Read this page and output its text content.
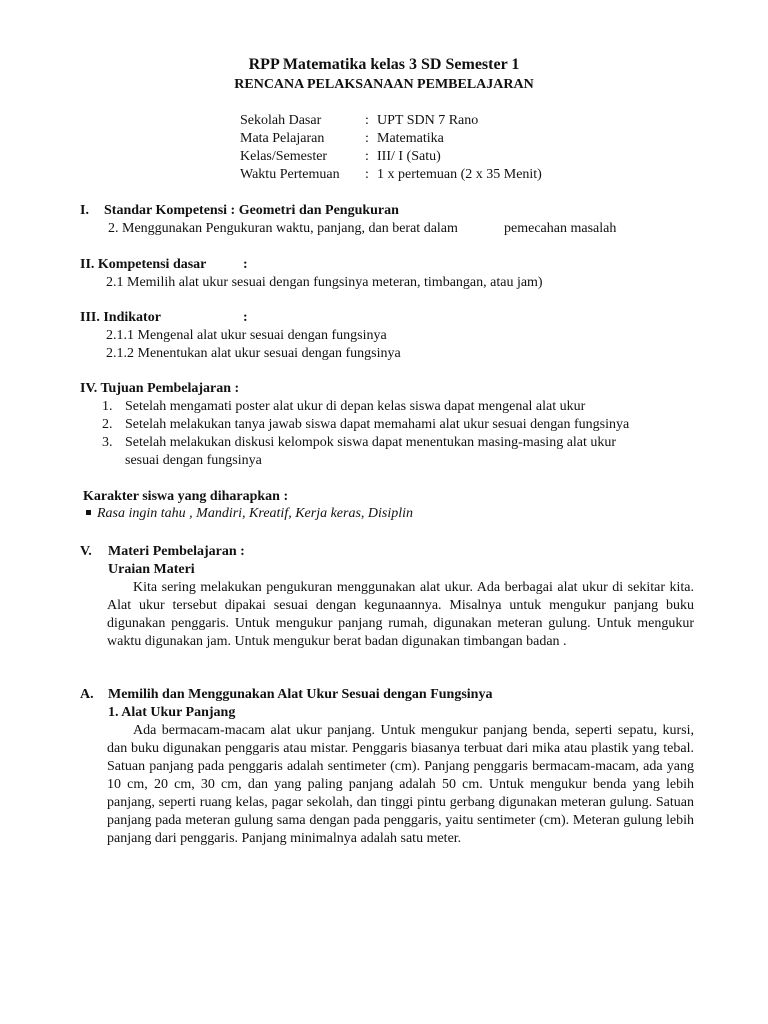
RPP Matematika kelas 3 SD Semester 1
RENCANA PELAKSANAAN PEMBELAJARAN
Sekolah Dasar	: UPT SDN 7 Rano
Mata Pelajaran	: Matematika
Kelas/Semester	: III/ I (Satu)
Waktu Pertemuan	: 1 x pertemuan (2 x 35 Menit)
I. Standar Kompetensi : Geometri dan Pengukuran
2. Menggunakan Pengukuran waktu, panjang, dan berat dalam	pemecahan masalah
II. Kompetensi dasar	:
2.1 Memilih alat ukur sesuai dengan fungsinya meteran, timbangan, atau jam)
III. Indikator	:
2.1.1 Mengenal alat ukur sesuai dengan fungsinya
2.1.2 Menentukan alat ukur sesuai dengan fungsinya
IV. Tujuan Pembelajaran :
1. Setelah mengamati poster alat ukur di depan kelas siswa dapat mengenal alat ukur
2. Setelah melakukan tanya jawab siswa dapat memahami alat ukur sesuai dengan fungsinya
3. Setelah melakukan diskusi kelompok siswa dapat menentukan masing-masing alat ukur
sesuai dengan fungsinya
Karakter siswa yang diharapkan :
Rasa ingin tahu , Mandiri, Kreatif, Kerja keras, Disiplin
V. Materi Pembelajaran :
Uraian Materi
Kita sering melakukan pengukuran menggunakan alat ukur. Ada berbagai alat ukur di sekitar kita. Alat ukur tersebut dipakai sesuai dengan kegunaannya. Misalnya untuk mengukur panjang buku digunakan penggaris. Untuk mengukur panjang rumah, digunakan meteran gulung. Untuk mengukur waktu digunakan jam. Untuk mengukur berat badan digunakan timbangan badan .
A. Memilih dan Menggunakan Alat Ukur Sesuai dengan Fungsinya
1. Alat Ukur Panjang
Ada bermacam-macam alat ukur panjang. Untuk mengukur panjang benda, seperti sepatu, kursi, dan buku digunakan penggaris atau mistar. Penggaris biasanya terbuat dari mika atau plastik yang tebal. Satuan panjang pada penggaris adalah sentimeter (cm). Panjang penggaris bermacam-macam, ada yang 10 cm, 20 cm, 30 cm, dan yang paling panjang adalah 50 cm. Untuk mengukur benda yang lebih panjang, seperti ruang kelas, pagar sekolah, dan tinggi pintu gerbang digunakan meteran gulung. Satuan panjang pada meteran gulung sama dengan pada penggaris, yaitu sentimeter (cm). Meteran gulung lebih panjang dari penggaris. Panjang minimalnya adalah satu meter.
